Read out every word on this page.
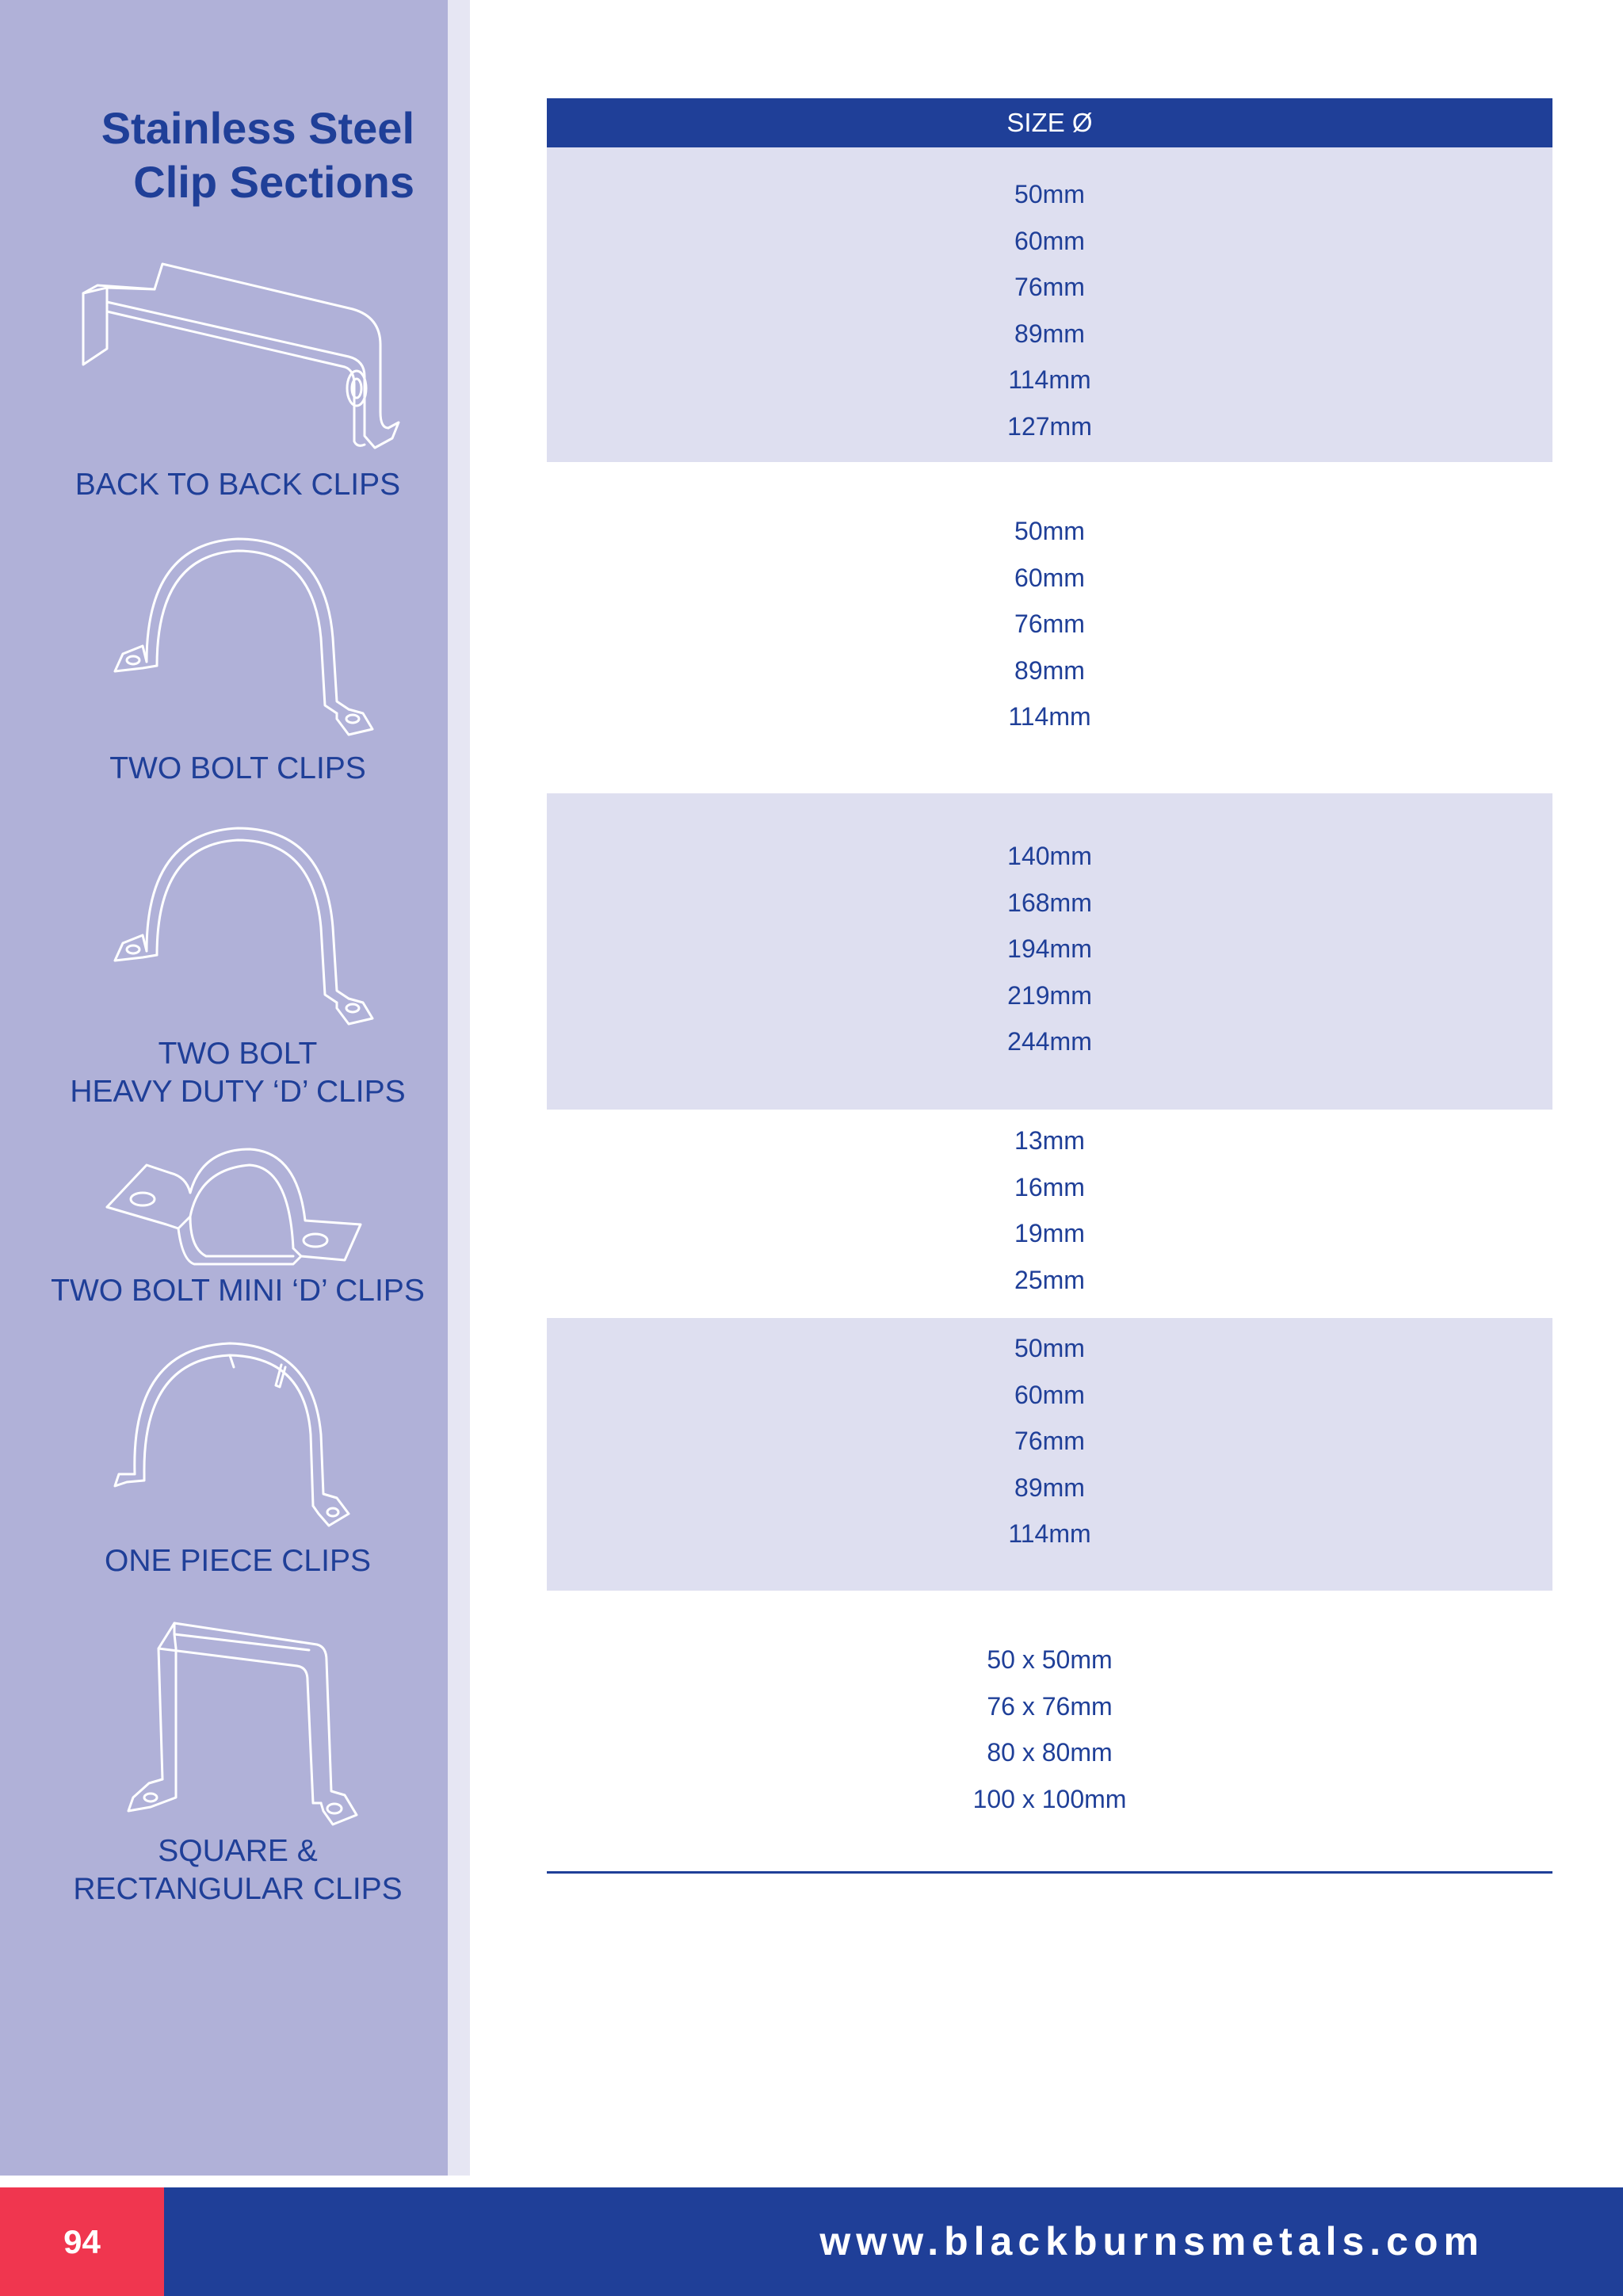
Stainless Steel
Clip Sections

BACK TO BACK CLIPS

TWO BOLT CLIPS

TWO BOLT
HEAVY DUTY ‘D’ CLIPS

TWO BOLT MINI ‘D’ CLIPS

ONE PIECE CLIPS

SQUARE &
RECTANGULAR CLIPS

SIZE Ø
50mm
60mm
76mm
89mm
114mm
127mm
50mm
60mm
76mm
89mm
114mm
140mm
168mm
194mm
219mm
244mm
13mm
16mm
19mm
25mm
50mm
60mm
76mm
89mm
114mm
50 x 50mm
76 x 76mm
80 x 80mm
100 x 100mm
94	www.blackburnsmetals.com
